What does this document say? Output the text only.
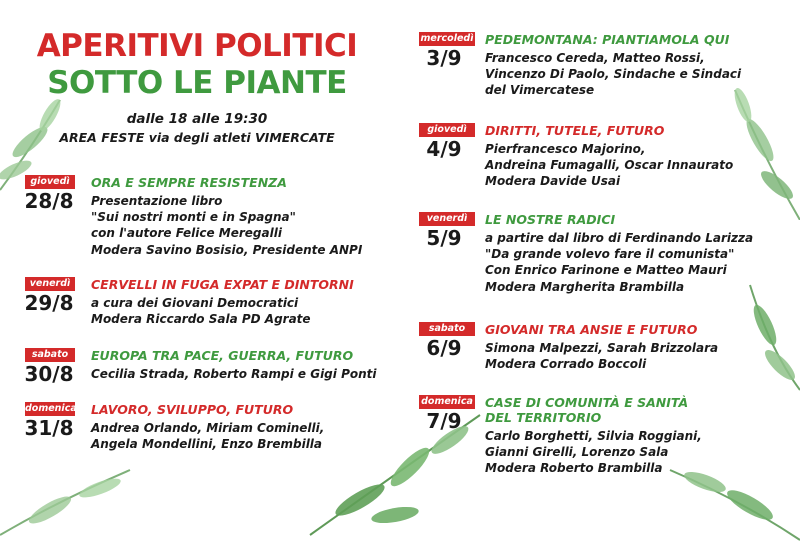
APERITIVI POLITICI
SOTTO LE PIANTE
dalle 18 alle 19:30
AREA FESTE via degli atleti VIMERCATE
giovedì
28/8
ORA E SEMPRE RESISTENZA
Presentazione libro
"Sui nostri monti e in Spagna"
con l'autore Felice Meregalli
Modera Savino Bosisio, Presidente ANPI
venerdì
29/8
CERVELLI IN FUGA EXPAT E DINTORNI
a cura dei Giovani Democratici
Modera Riccardo Sala PD Agrate
sabato
30/8
EUROPA TRA PACE, GUERRA, FUTURO
Cecilia Strada, Roberto Rampi e Gigi Ponti
domenica
31/8
LAVORO, SVILUPPO, FUTURO
Andrea Orlando, Miriam Cominelli,
Angela Mondellini, Enzo Brembilla
mercoledì
3/9
PEDEMONTANA: PIANTIAMOLA QUI
Francesco Cereda, Matteo Rossi,
Vincenzo Di Paolo, Sindache e Sindaci
del Vimercatese
giovedì
4/9
DIRITTI, TUTELE, FUTURO
Pierfrancesco Majorino,
Andreina Fumagalli, Oscar Innaurato
Modera Davide Usai
venerdì
5/9
LE NOSTRE RADICI
a partire dal libro di Ferdinando Larizza
"Da grande volevo fare il comunista"
Con Enrico Farinone e Matteo Mauri
Modera Margherita Brambilla
sabato
6/9
GIOVANI TRA ANSIE E FUTURO
Simona Malpezzi, Sarah Brizzolara
Modera Corrado Boccoli
domenica
7/9
CASE DI COMUNITÀ E SANITÀ
DEL TERRITORIO
Carlo Borghetti, Silvia Roggiani,
Gianni Girelli, Lorenzo Sala
Modera Roberto Brambilla
